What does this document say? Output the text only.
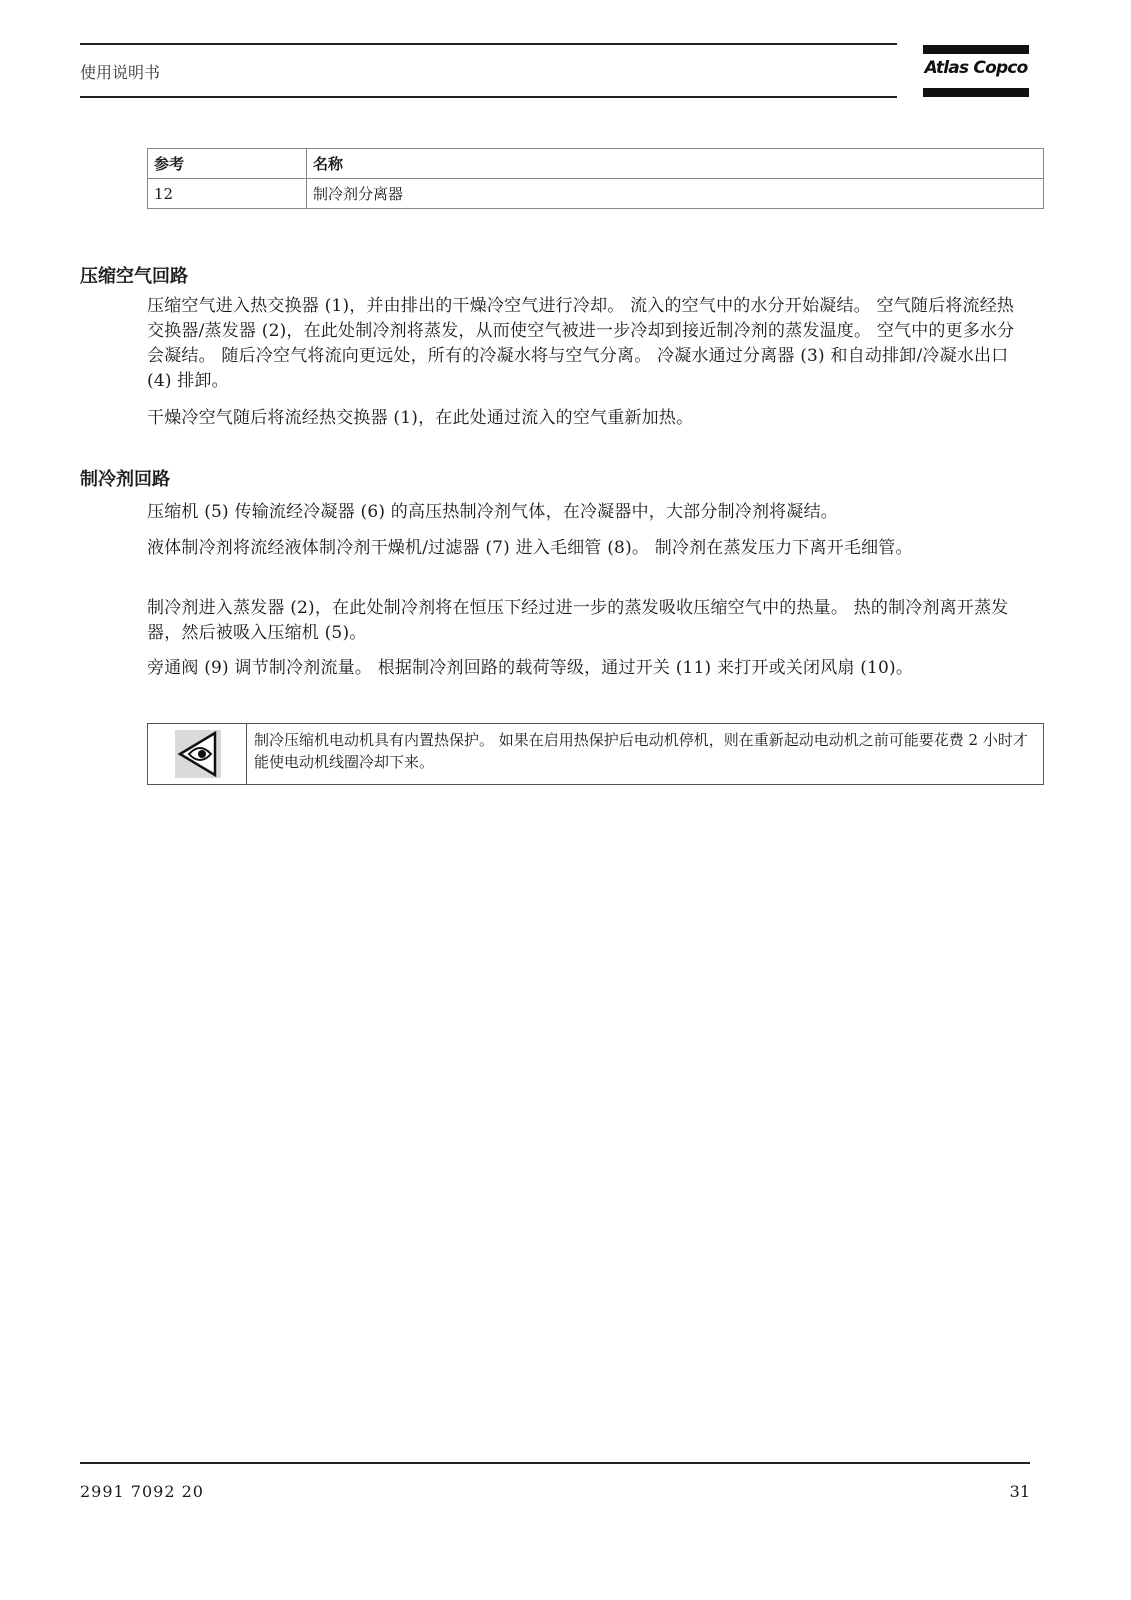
使用说明书	Atlas Copco
参考	名称
12	制冷剂分离器
压缩空气回路

压缩空气进入热交换器 (1)，并由排出的干燥冷空气进行冷却。 流入的空气中的水分开始凝结。 空气随后将流经热交换器/蒸发器 (2)，在此处制冷剂将蒸发，从而使空气被进一步冷却到接近制冷剂的蒸发温度。 空气中的更多水分会凝结。 随后冷空气将流向更远处，所有的冷凝水将与空气分离。 冷凝水通过分离器 (3) 和自动排卸/冷凝水出口 (4) 排卸。

干燥冷空气随后将流经热交换器 (1)，在此处通过流入的空气重新加热。

制冷剂回路

压缩机 (5) 传输流经冷凝器 (6) 的高压热制冷剂气体，在冷凝器中，大部分制冷剂将凝结。

液体制冷剂将流经液体制冷剂干燥机/过滤器 (7) 进入毛细管 (8)。 制冷剂在蒸发压力下离开毛细管。

制冷剂进入蒸发器 (2)，在此处制冷剂将在恒压下经过进一步的蒸发吸收压缩空气中的热量。 热的制冷剂离开蒸发器，然后被吸入压缩机 (5)。

旁通阀 (9) 调节制冷剂流量。 根据制冷剂回路的载荷等级，通过开关 (11) 来打开或关闭风扇 (10)。

制冷压缩机电动机具有内置热保护。 如果在启用热保护后电动机停机，则在重新起动电动机之前可能要花费 2 小时才能使电动机线圈冷却下来。
2991 7092 20	31
